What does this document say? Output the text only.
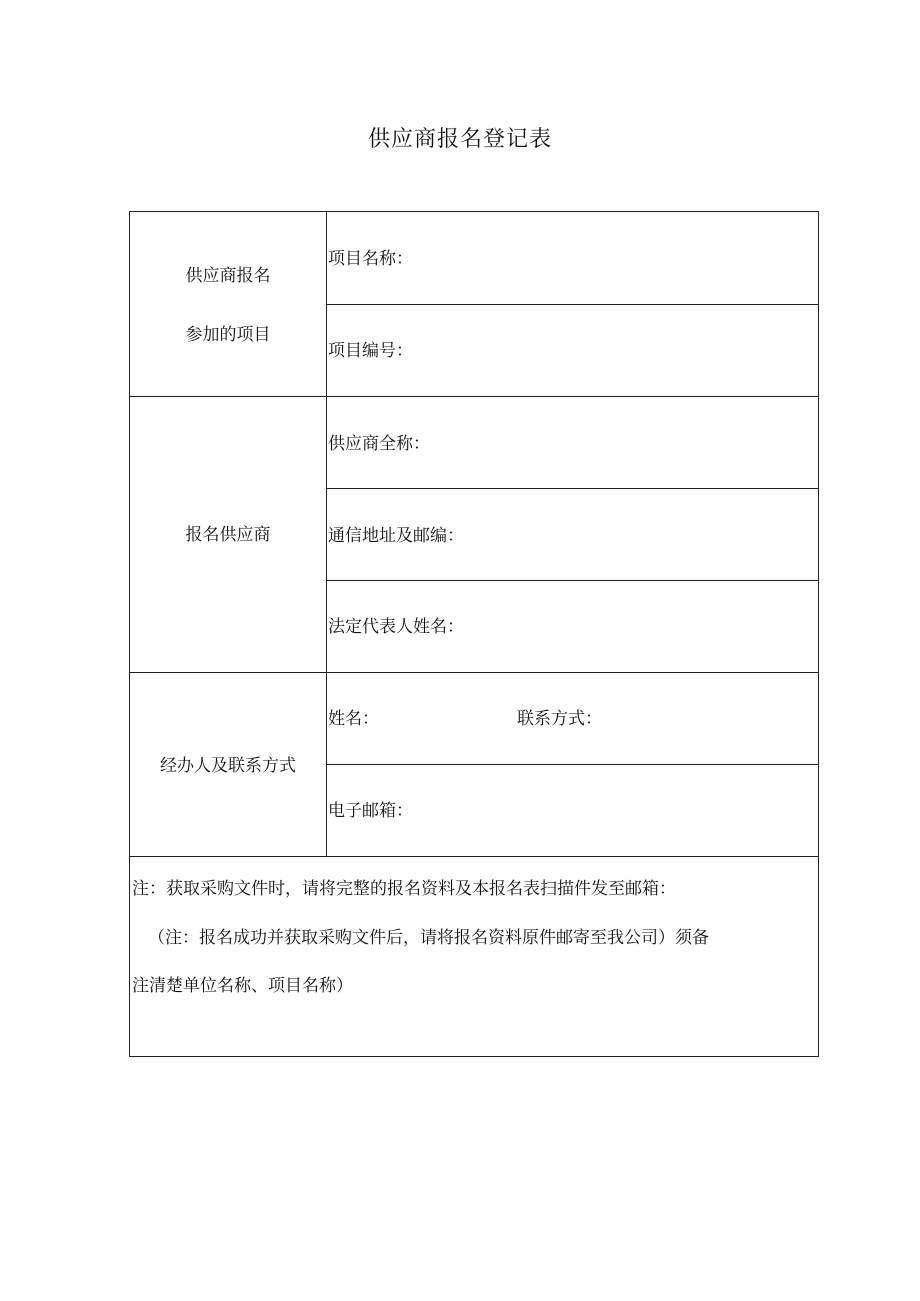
供应商报名登记表
供应商报名
参加的项目
项目名称：
项目编号：
报名供应商
供应商全称：
通信地址及邮编：
法定代表人姓名：
经办人及联系方式
姓名：	联系方式：
电子邮箱：
注：获取采购文件时，请将完整的报名资料及本报名表扫描件发至邮箱：
（注：报名成功并获取采购文件后，请将报名资料原件邮寄至我公司）须备
注清楚单位名称、项目名称）
